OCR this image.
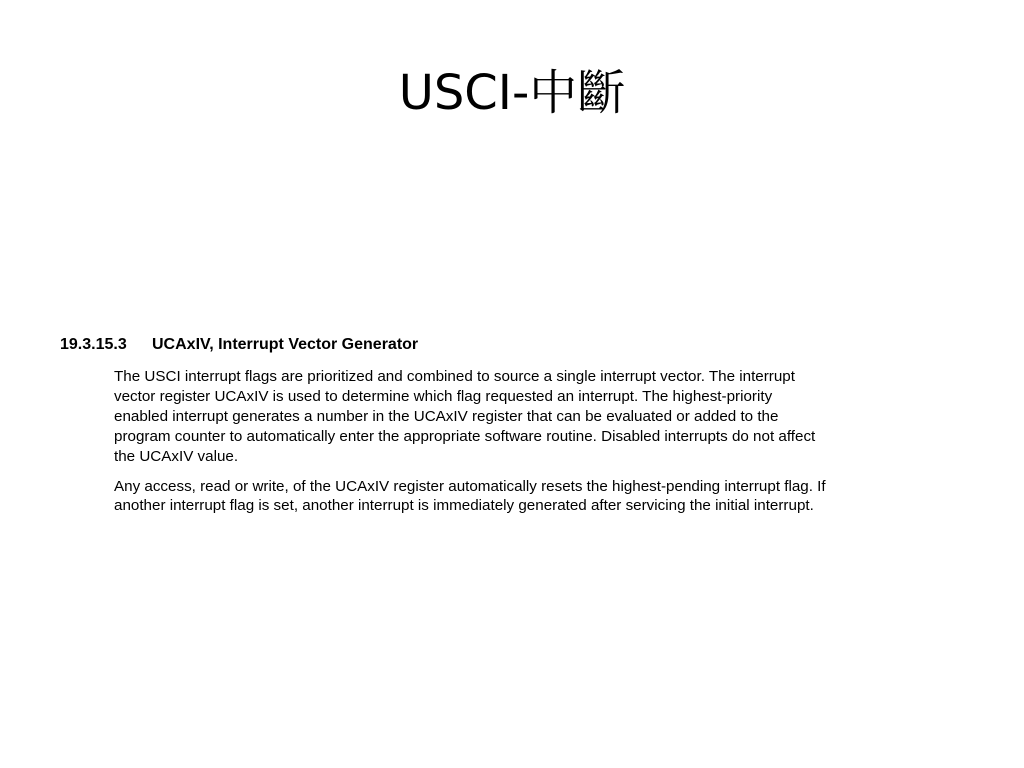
USCI-中斷
19.3.15.3 UCAxIV, Interrupt Vector Generator

The USCI interrupt flags are prioritized and combined to source a single interrupt vector. The interrupt
vector register UCAxIV is used to determine which flag requested an interrupt. The highest-priority
enabled interrupt generates a number in the UCAxIV register that can be evaluated or added to the
program counter to automatically enter the appropriate software routine. Disabled interrupts do not affect
the UCAxIV value.

Any access, read or write, of the UCAxIV register automatically resets the highest-pending interrupt flag. If
another interrupt flag is set, another interrupt is immediately generated after servicing the initial interrupt.
